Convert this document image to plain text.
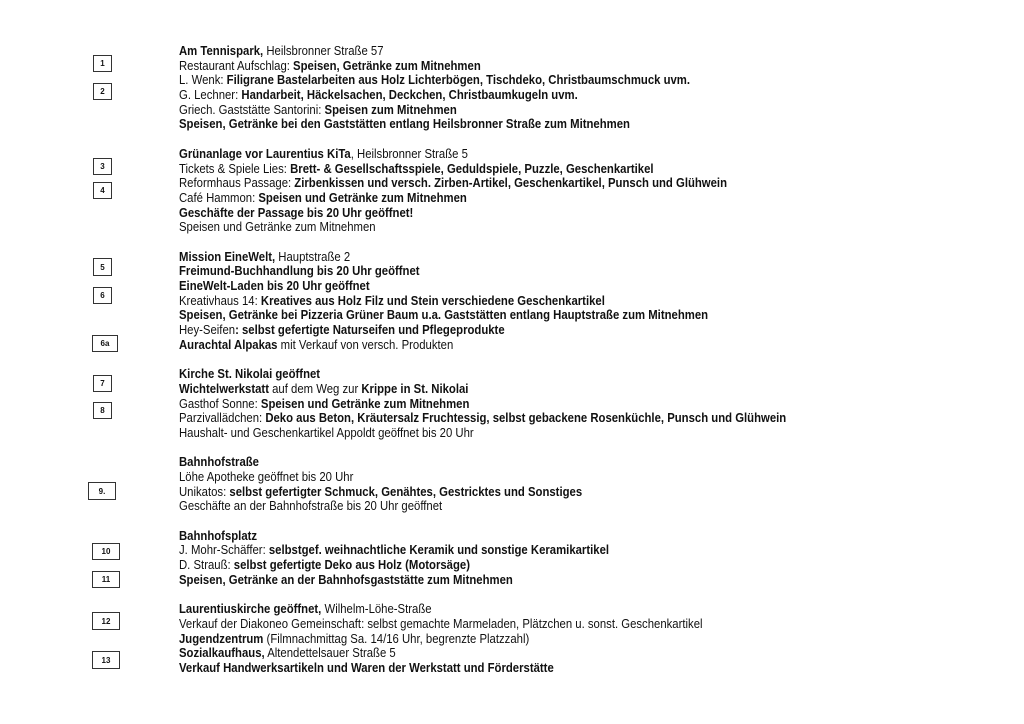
1
2
3
4
5
6
6a
7
8
9.
10
11
12
13
Am Tennispark, Heilsbronner Straße 57
Restaurant Aufschlag: Speisen, Getränke zum Mitnehmen
L. Wenk: Filigrane Bastelarbeiten aus Holz Lichterbögen, Tischdeko, Christbaumschmuck uvm.
G. Lechner: Handarbeit, Häckelsachen, Deckchen, Christbaumkugeln uvm.
Griech. Gaststätte Santorini: Speisen zum Mitnehmen
Speisen, Getränke bei den Gaststätten entlang Heilsbronner Straße zum Mitnehmen
Grünanlage vor Laurentius KiTa, Heilsbronner Straße 5
Tickets & Spiele Lies: Brett- & Gesellschaftsspiele, Geduldspiele, Puzzle, Geschenkartikel
Reformhaus Passage: Zirbenkissen und versch. Zirben-Artikel, Geschenkartikel, Punsch und Glühwein
Café Hammon: Speisen und Getränke zum Mitnehmen
Geschäfte der Passage bis 20 Uhr geöffnet!
Speisen und Getränke zum Mitnehmen
Mission EineWelt, Hauptstraße 2
Freimund-Buchhandlung bis 20 Uhr geöffnet
EineWelt-Laden bis 20 Uhr geöffnet
Kreativhaus 14: Kreatives aus Holz Filz und Stein verschiedene Geschenkartikel
Speisen, Getränke bei Pizzeria Grüner Baum u.a. Gaststätten entlang Hauptstraße zum Mitnehmen
Hey-Seifen: selbst gefertigte Naturseifen und Pflegeprodukte
Aurachtal Alpakas mit Verkauf von versch. Produkten
Kirche St. Nikolai geöffnet
Wichtelwerkstatt auf dem Weg zur Krippe in St. Nikolai
Gasthof Sonne: Speisen und Getränke zum Mitnehmen
Parzivallädchen: Deko aus Beton, Kräutersalz Fruchtessig, selbst gebackene Rosenküchle, Punsch und Glühwein
Haushalt- und Geschenkartikel Appoldt geöffnet bis 20 Uhr
Bahnhofstraße
Löhe Apotheke geöffnet bis 20 Uhr
Unikatos: selbst gefertigter Schmuck, Genähtes, Gestricktes und Sonstiges
Geschäfte an der Bahnhofstraße bis 20 Uhr geöffnet
Bahnhofsplatz
J. Mohr-Schäffer: selbstgef. weihnachtliche Keramik und sonstige Keramikartikel
D. Strauß: selbst gefertigte Deko aus Holz (Motorsäge)
Speisen, Getränke an der Bahnhofsgaststätte zum Mitnehmen
Laurentiuskirche geöffnet, Wilhelm-Löhe-Straße
Verkauf der Diakoneo Gemeinschaft: selbst gemachte Marmeladen, Plätzchen u. sonst. Geschenkartikel
Jugendzentrum (Filmnachmittag Sa. 14/16 Uhr, begrenzte Platzzahl)
Sozialkaufhaus, Altendettelsauer Straße 5
Verkauf Handwerksartikeln und Waren der Werkstatt und Förderstätte
